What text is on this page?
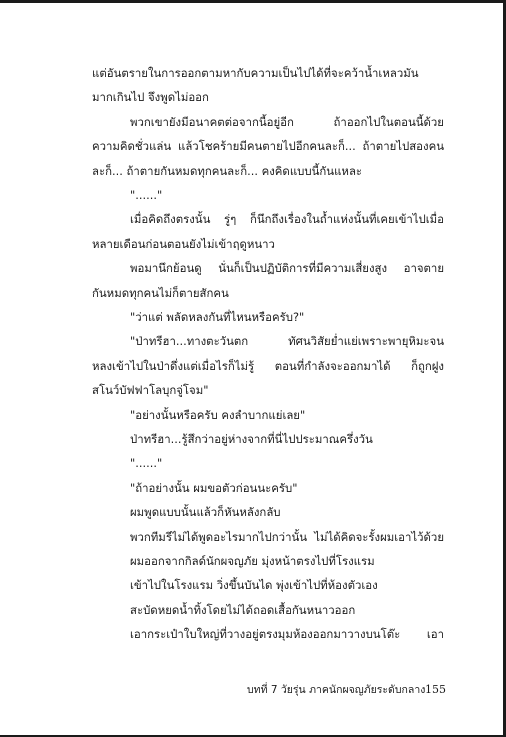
แต่อันตรายในการออกตามหากับความเป็นไปได้ที่จะคว้าน้ำเหลวมัน
มากเกินไป จึงพูดไม่ออก
พวกเขายังมีอนาคตต่อจากนี้อยู่อีก ถ้าออกไปในตอนนี้ด้วย
ความคิดชั่วแล่น แล้วโชคร้ายมีคนตายไปอีกคนละก็... ถ้าตายไปสองคน
ละก็... ถ้าตายกันหมดทุกคนละก็... คงคิดแบบนี้กันแหละ
"......"
เมื่อคิดถึงตรงนั้น รู่ๆ ก็นึกถึงเรื่องในถ้ำแห่งนั้นที่เคยเข้าไปเมื่อ
หลายเดือนก่อนตอนยังไม่เข้าฤดูหนาว
พอมานึกย้อนดู นั่นก็เป็นปฏิบัติการที่มีความเสี่ยงสูง อาจตาย
กันหมดทุกคนไม่ก็ตายสักคน
"ว่าแต่ พลัดหลงกันที่ไหนหรือครับ?"
"ป่าทรีฮา...ทางตะวันตก ทัศนวิสัยย่ำแย่เพราะพายุหิมะจน
หลงเข้าไปในป่าดึ่งแต่เมื่อไรก็ไม่รู้ ตอนที่กำลังจะออกมาได้ ก็ถูกฝูง
สโนว์บัฟฟาโลบุกจู่โจม"
"อย่างนั้นหรือครับ คงลำบากแย่เลย"
ป่าทรีฮา...รู้สึกว่าอยู่ห่างจากที่นี่ไปประมาณครึ่งวัน
"......"
"ถ้าอย่างนั้น ผมขอตัวก่อนนะครับ"
ผมพูดแบบนั้นแล้วก็หันหลังกลับ
พวกทีมรีไม่ได้พูดอะไรมากไปกว่านั้น ไม่ได้คิดจะรั้งผมเอาไว้ด้วย
ผมออกจากกิลด์นักผจญภัย มุ่งหน้าตรงไปที่โรงแรม
เข้าไปในโรงแรม วิ่งขึ้นบันได พุ่งเข้าไปที่ห้องตัวเอง
สะบัดหยดน้ำทิ้งโดยไม่ได้ถอดเสื้อกันหนาวออก
เอากระเป๋าใบใหญ่ที่วางอยู่ตรงมุมห้องออกมาวางบนโต๊ะ เอา
บทที่ 7 วัยรุ่น ภาคนักผจญภัยระดับกลาง 155
